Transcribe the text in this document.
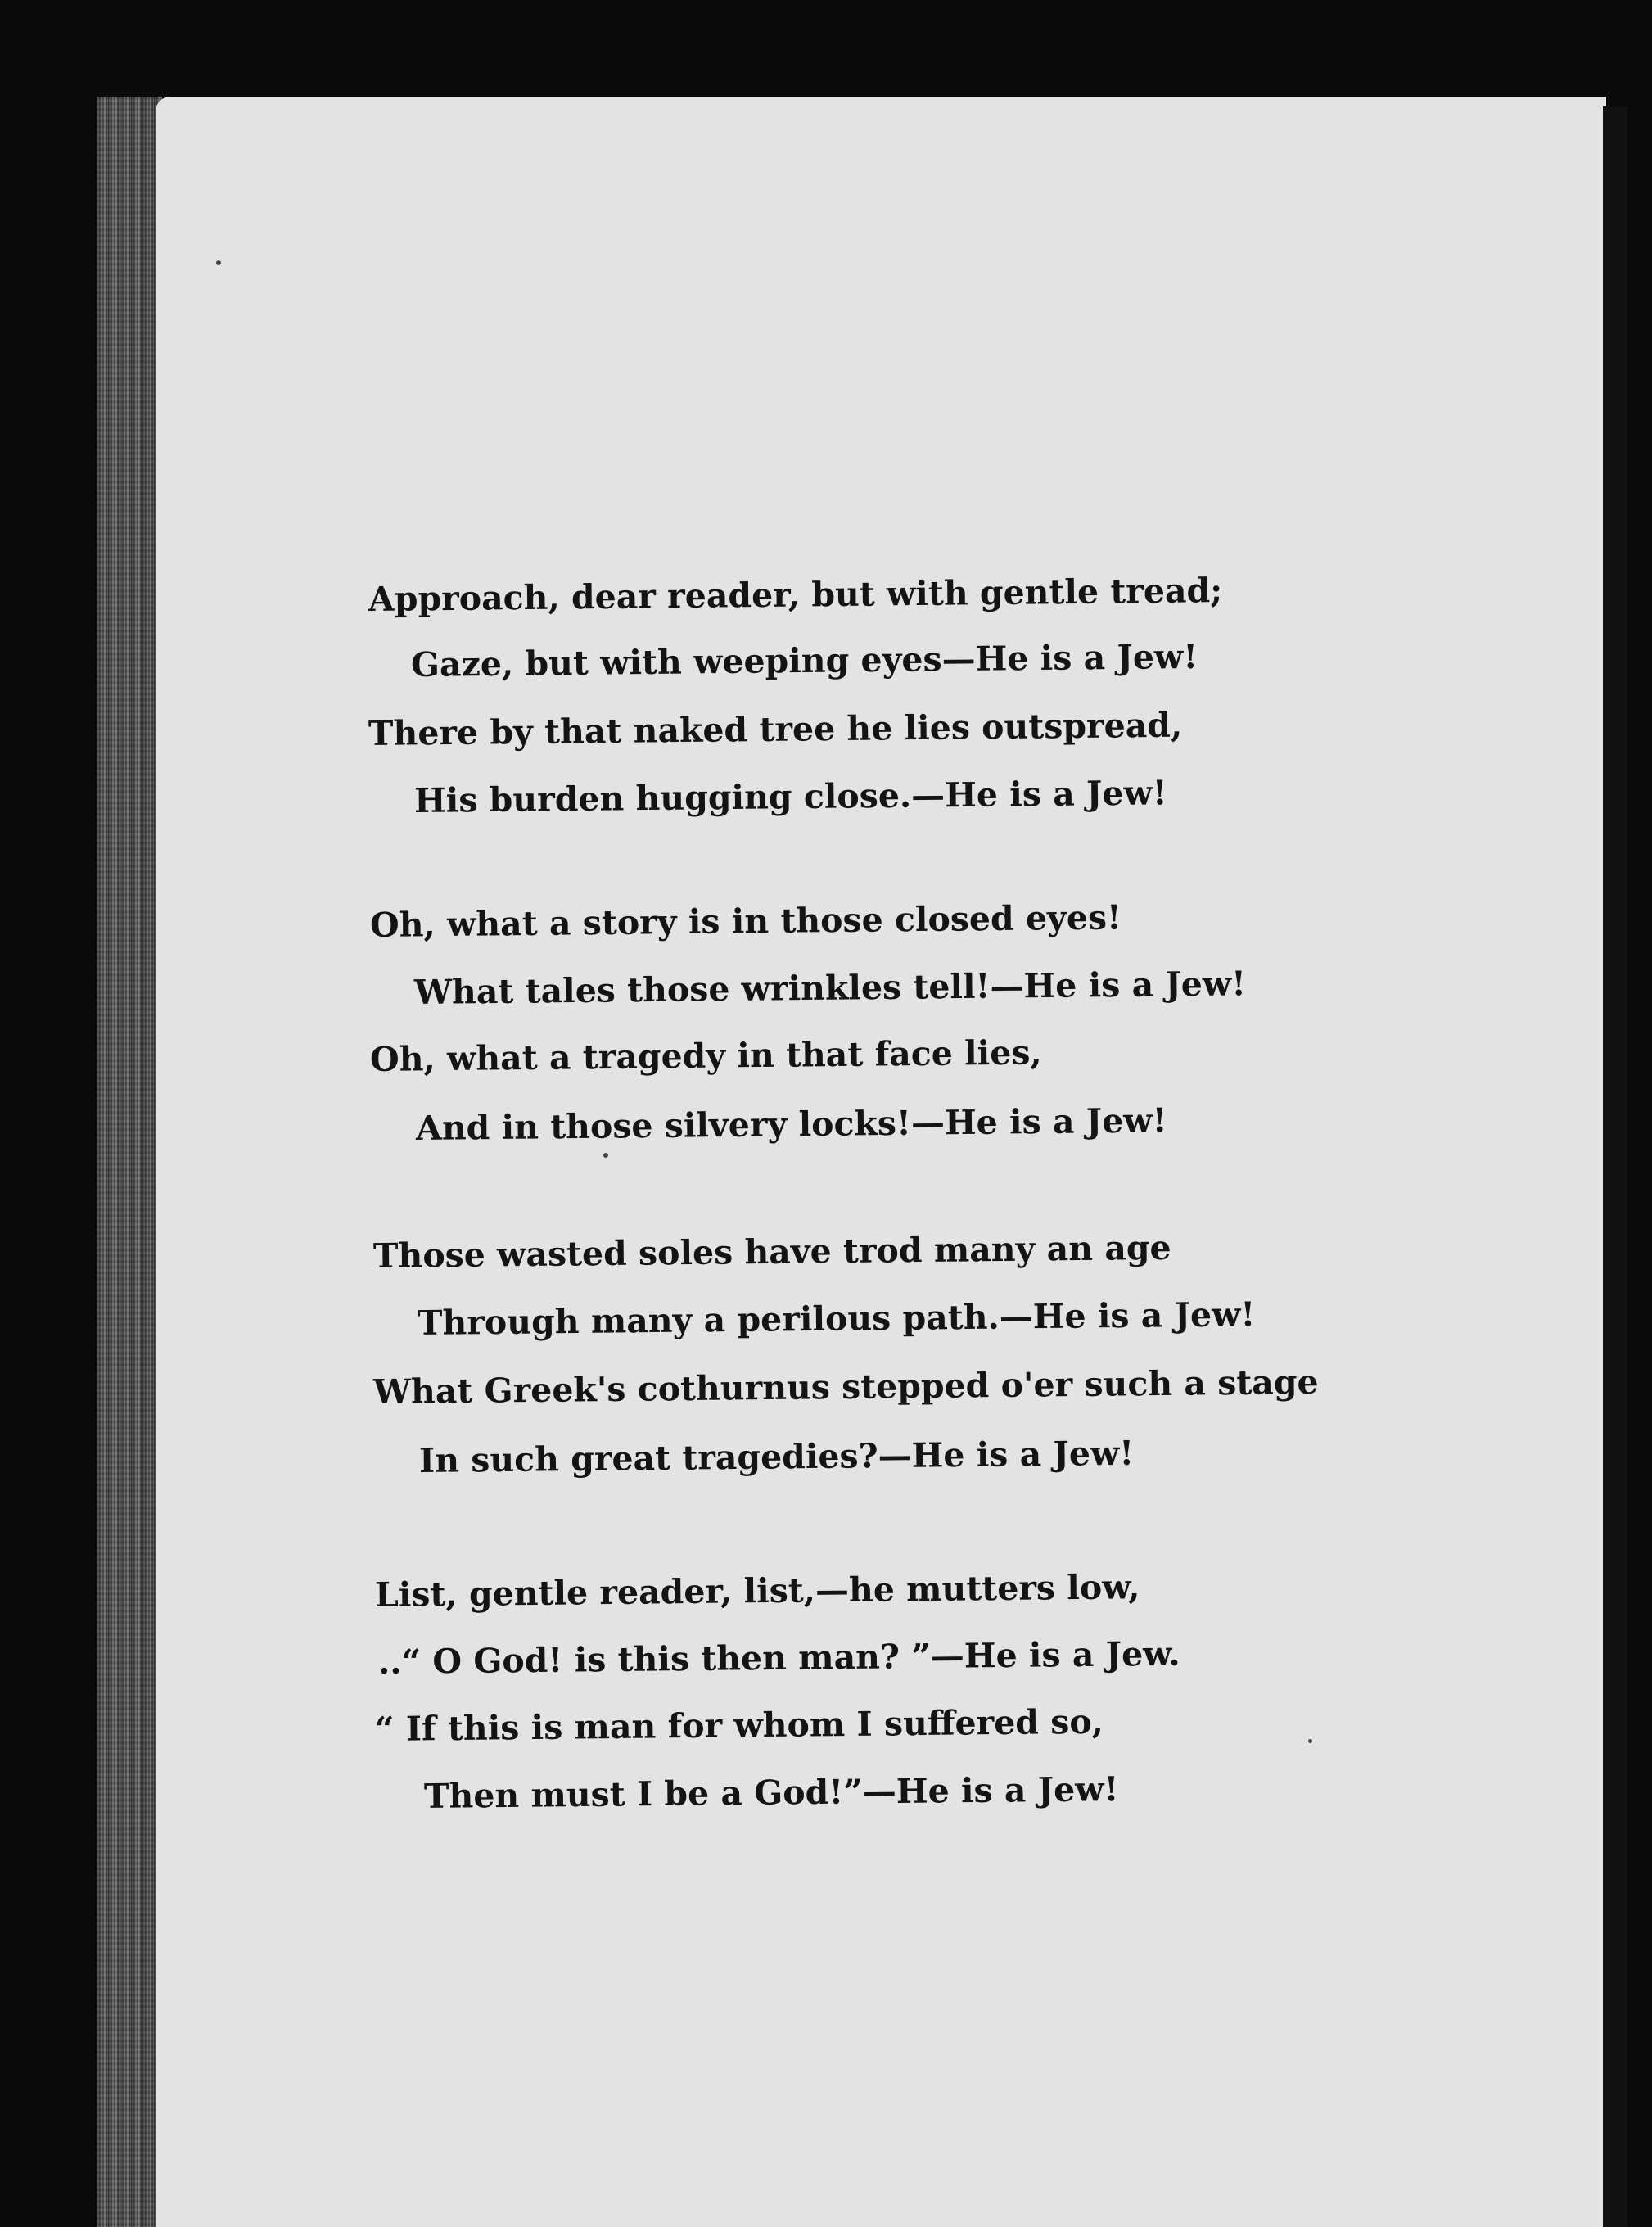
Approach, dear reader, but with gentle tread;
Gaze, but with weeping eyes—He is a Jew!
There by that naked tree he lies outspread,
His burden hugging close.—He is a Jew!
Oh, what a story is in those closed eyes!
What tales those wrinkles tell!—He is a Jew!
Oh, what a tragedy in that face lies,
And in those silvery locks!—He is a Jew!
Those wasted soles have trod many an age
Through many a perilous path.—He is a Jew!
What Greek's cothurnus stepped o'er such a stage
In such great tragedies?—He is a Jew!
List, gentle reader, list,—he mutters low,
..“ O God! is this then man? ”—He is a Jew.
“ If this is man for whom I suffered so,
Then must I be a God!”—He is a Jew!
